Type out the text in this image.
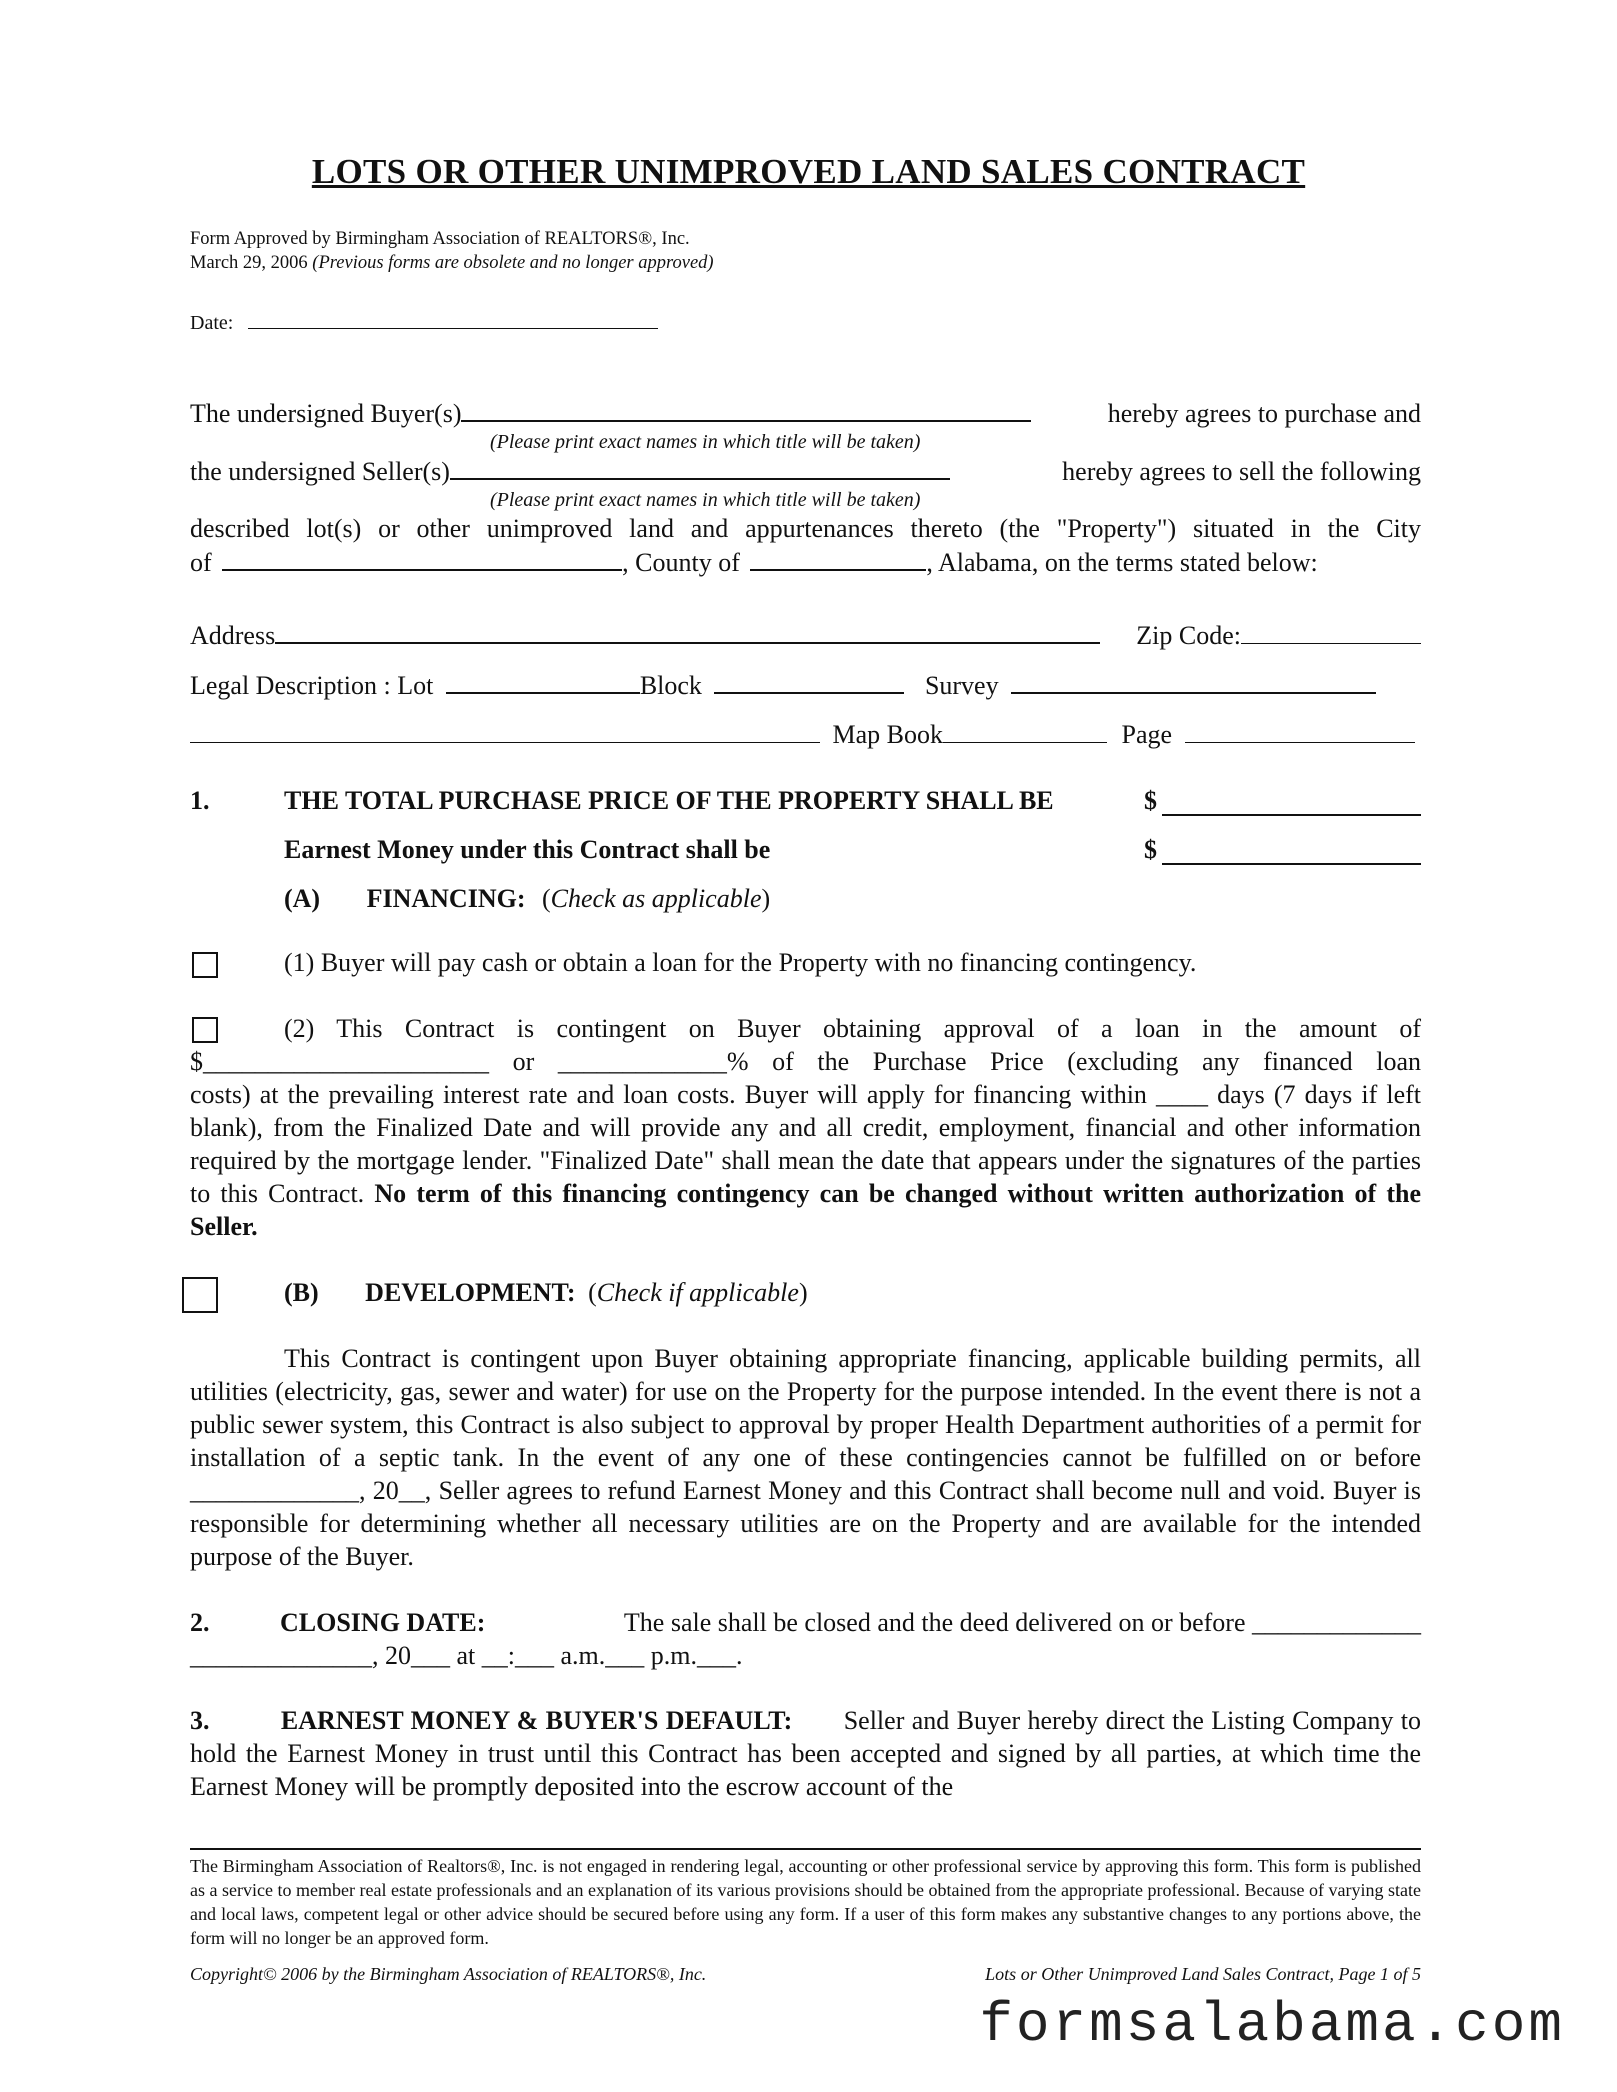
LOTS OR OTHER UNIMPROVED LAND SALES CONTRACT
Form Approved by Birmingham Association of REALTORS®, Inc.
March 29, 2006 (Previous forms are obsolete and no longer approved)
Date:
The undersigned Buyer(s)	hereby agrees to purchase and
(Please print exact names in which title will be taken)
the undersigned Seller(s)	hereby agrees to sell the following
(Please print exact names in which title will be taken)
described lot(s) or other unimproved land and appurtenances thereto (the "Property") situated in the City
of	, County of	, Alabama, on the terms stated below:
Address	Zip Code:
Legal Description : Lot	Block	Survey
Map Book	Page
1.	THE TOTAL PURCHASE PRICE OF THE PROPERTY SHALL BE	$
Earnest Money under this Contract shall be	$
(A) FINANCING: (Check as applicable)
(1) Buyer will pay cash or obtain a loan for the Property with no financing contingency.
(2) This Contract is contingent on Buyer obtaining approval of a loan in the amount of
$______________________ or _____________% of the Purchase Price (excluding any financed loan
costs) at the prevailing interest rate and loan costs. Buyer will apply for financing within ____ days (7 days if left blank), from the Finalized Date and will provide any and all credit, employment, financial and other information required by the mortgage lender. "Finalized Date" shall mean the date that appears under the signatures of the parties to this Contract. No term of this financing contingency can be changed without written authorization of the Seller.
(B) DEVELOPMENT: (Check if applicable)
This Contract is contingent upon Buyer obtaining appropriate financing, applicable building permits, all utilities (electricity, gas, sewer and water) for use on the Property for the purpose intended. In the event there is not a public sewer system, this Contract is also subject to approval by proper Health Department authorities of a permit for installation of a septic tank. In the event of any one of these contingencies cannot be fulfilled on or before _____________, 20__, Seller agrees to refund Earnest Money and this Contract shall become null and void. Buyer is responsible for determining whether all necessary utilities are on the Property and are available for the intended purpose of the Buyer.
2.	CLOSING DATE:	The sale shall be closed and the deed delivered on or before _____________
______________, 20___ at __:___ a.m.___ p.m.___.
3.	EARNEST MONEY & BUYER'S DEFAULT: Seller and Buyer hereby direct the Listing Company to hold the Earnest Money in trust until this Contract has been accepted and signed by all parties, at which time the Earnest Money will be promptly deposited into the escrow account of the
The Birmingham Association of Realtors®, Inc. is not engaged in rendering legal, accounting or other professional service by approving this form. This form is published as a service to member real estate professionals and an explanation of its various provisions should be obtained from the appropriate professional. Because of varying state and local laws, competent legal or other advice should be secured before using any form. If a user of this form makes any substantive changes to any portions above, the form will no longer be an approved form.
Copyright© 2006 by the Birmingham Association of REALTORS®, Inc.	Lots or Other Unimproved Land Sales Contract, Page 1 of 5
formsalabama.com
